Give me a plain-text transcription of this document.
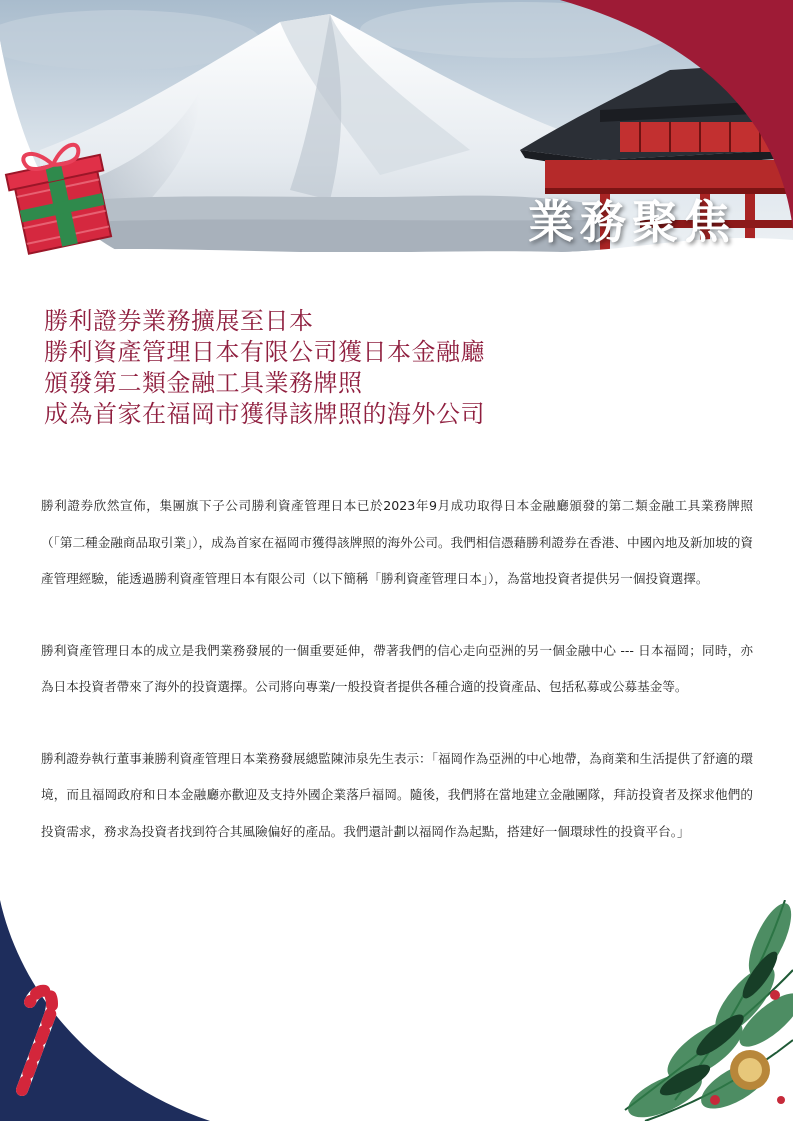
業務聚焦
勝利證券業務擴展至日本
勝利資產管理日本有限公司獲日本金融廳
頒發第二類金融工具業務牌照
成為首家在福岡市獲得該牌照的海外公司

勝利證券欣然宣佈，集團旗下子公司勝利資產管理日本已於2023年9月成功取得日本金融廳頒發的第二類金融工具業務牌照（「第二種金融商品取引業」），成為首家在福岡市獲得該牌照的海外公司。我們相信憑藉勝利證券在香港、中國內地及新加坡的資產管理經驗，能透過勝利資產管理日本有限公司（以下簡稱「勝利資產管理日本」），為當地投資者提供另一個投資選擇。

勝利資產管理日本的成立是我們業務發展的一個重要延伸，帶著我們的信心走向亞洲的另一個金融中心 --- 日本福岡；同時，亦為日本投資者帶來了海外的投資選擇。公司將向專業/一般投資者提供各種合適的投資產品、包括私募或公募基金等。

勝利證券執行董事兼勝利資產管理日本業務發展總監陳沛泉先生表示：「福岡作為亞洲的中心地帶，為商業和生活提供了舒適的環境，而且福岡政府和日本金融廳亦歡迎及支持外國企業落戶福岡。隨後，我們將在當地建立金融團隊，拜訪投資者及探求他們的投資需求，務求為投資者找到符合其風險偏好的產品。我們還計劃以福岡作為起點，搭建好一個環球性的投資平台。」
